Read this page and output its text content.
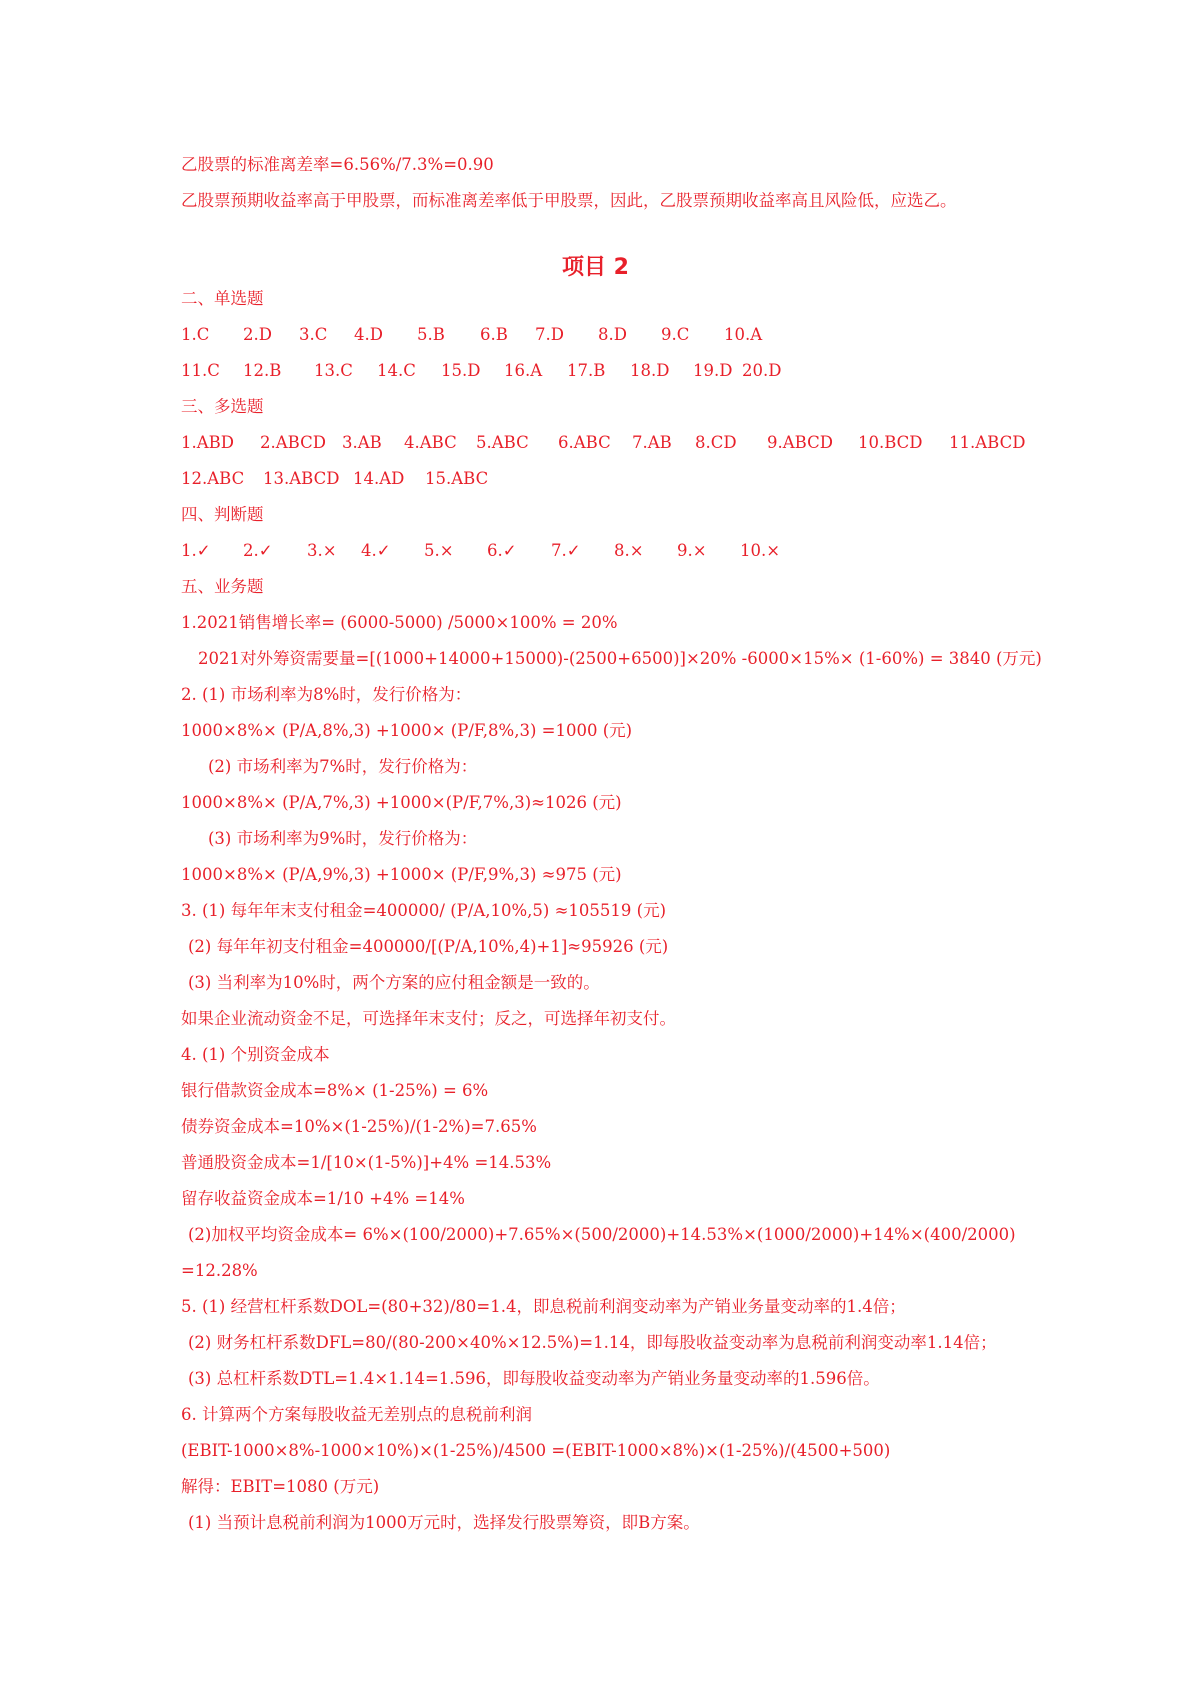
乙股票的标准离差率=6.56%/7.3%=0.90
乙股票预期收益率高于甲股票，而标准离差率低于甲股票，因此，乙股票预期收益率高且风险低，应选乙。
项目 2
二、单选题
1.C 2.D 3.C 4.D 5.B 6.B 7.D 8.D 9.C 10.A
11.C 12.B 13.C 14.C 15.D 16.A 17.B 18.D 19.D 20.D
三、多选题
1.ABD 2.ABCD 3.AB 4.ABC 5.ABC 6.ABC 7.AB 8.CD 9.ABCD 10.BCD 11.ABCD
12.ABC 13.ABCD 14.AD 15.ABC
四、判断题
1.✓ 2.✓ 3.× 4.✓ 5.× 6.✓ 7.✓ 8.× 9.× 10.×
五、业务题
1.2021销售增长率= (6000-5000) /5000×100% = 20%
2021对外筹资需要量=[(1000+14000+15000)-(2500+6500)]×20% -6000×15%× (1-60%) = 3840 (万元)
2. (1) 市场利率为8%时，发行价格为：
1000×8%× (P/A,8%,3) +1000× (P/F,8%,3) =1000 (元)
(2) 市场利率为7%时，发行价格为：
1000×8%× (P/A,7%,3) +1000×(P/F,7%,3)≈1026 (元)
(3) 市场利率为9%时，发行价格为：
1000×8%× (P/A,9%,3) +1000× (P/F,9%,3) ≈975 (元)
3. (1) 每年年末支付租金=400000/ (P/A,10%,5) ≈105519 (元)
(2) 每年年初支付租金=400000/[(P/A,10%,4)+1]≈95926 (元)
(3) 当利率为10%时，两个方案的应付租金额是一致的。
如果企业流动资金不足，可选择年末支付；反之，可选择年初支付。
4. (1) 个别资金成本
银行借款资金成本=8%× (1-25%) = 6%
债券资金成本=10%×(1-25%)/(1-2%)=7.65%
普通股资金成本=1/[10×(1-5%)]+4% =14.53%
留存收益资金成本=1/10 +4% =14%
(2)加权平均资金成本= 6%×(100/2000)+7.65%×(500/2000)+14.53%×(1000/2000)+14%×(400/2000)
=12.28%
5. (1) 经营杠杆系数DOL=(80+32)/80=1.4，即息税前利润变动率为产销业务量变动率的1.4倍；
(2) 财务杠杆系数DFL=80/(80-200×40%×12.5%)=1.14，即每股收益变动率为息税前利润变动率1.14倍；
(3) 总杠杆系数DTL=1.4×1.14=1.596，即每股收益变动率为产销业务量变动率的1.596倍。
6. 计算两个方案每股收益无差别点的息税前利润
(EBIT-1000×8%-1000×10%)×(1-25%)/4500 =(EBIT-1000×8%)×(1-25%)/(4500+500)
解得：EBIT=1080 (万元)
(1) 当预计息税前利润为1000万元时，选择发行股票筹资，即B方案。
